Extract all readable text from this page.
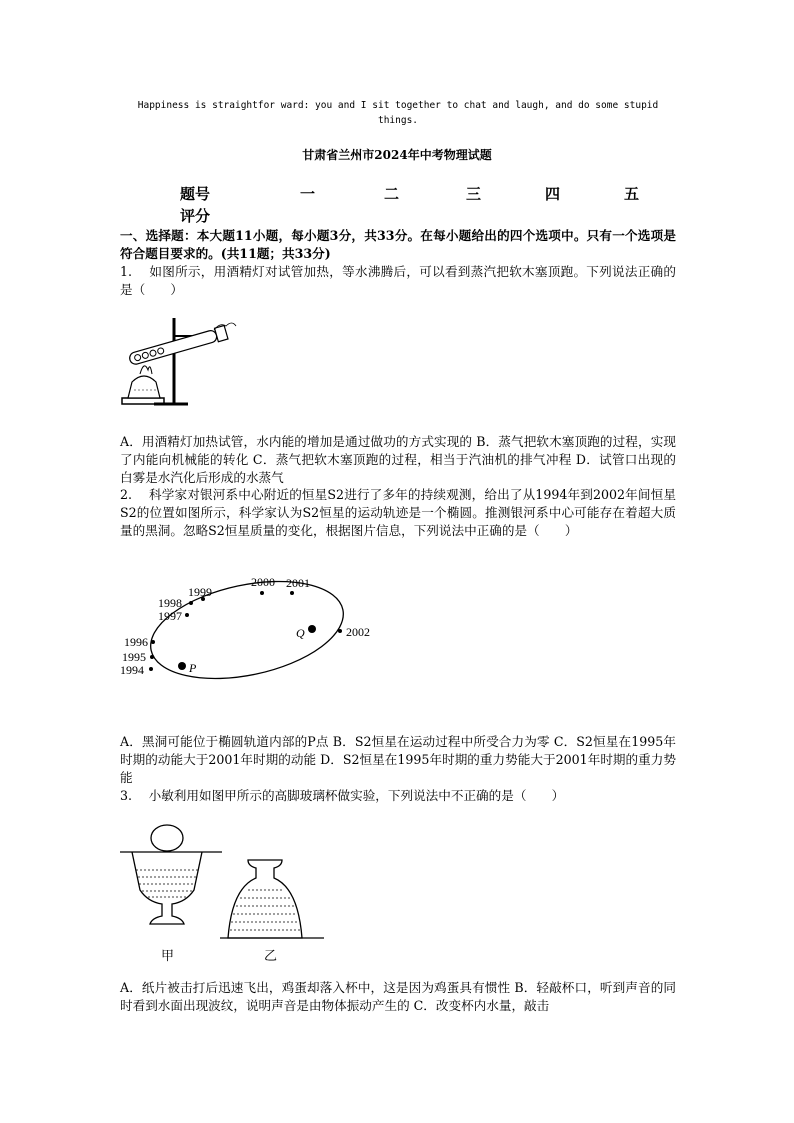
Happiness is straightfor ward: you and I sit together to chat and laugh, and do some stupid things.
甘肃省兰州市2024年中考物理试题
题号	一	二	三	四	五
评分
一、选择题：本大题11小题，每小题3分，共33分。在每小题给出的四个选项中。只有一个选项是符合题目要求的。(共11题；共33分)
1.　 如图所示，用酒精灯对试管加热，等水沸腾后，可以看到蒸汽把软木塞顶跑。下列说法正确的是（　　）
A．用酒精灯加热试管，水内能的增加是通过做功的方式实现的 B．蒸气把软木塞顶跑的过程，实现了内能向机械能的转化 C．蒸气把软木塞顶跑的过程，相当于汽油机的排气冲程 D．试管口出现的白雾是水汽化后形成的水蒸气
2.　 科学家对银河系中心附近的恒星S2进行了多年的持续观测，给出了从1994年到2002年间恒星S2的位置如图所示，科学家认为S2恒星的运动轨迹是一个椭圆。推测银河系中心可能存在着超大质量的黑洞。忽略S2恒星质量的变化，根据图片信息，下列说法中正确的是（　　）
1999
1998
1997
1996
1995
1994
2000 2001
2002
Q
P
A．黑洞可能位于椭圆轨道内部的P点 B．S2恒星在运动过程中所受合力为零 C．S2恒星在1995年时期的动能大于2001年时期的动能 D．S2恒星在1995年时期的重力势能大于2001年时期的重力势能
3.　 小敏利用如图甲所示的高脚玻璃杯做实验，下列说法中不正确的是（　　）
甲	乙
A．纸片被击打后迅速飞出，鸡蛋却落入杯中，这是因为鸡蛋具有惯性 B．轻敲杯口，听到声音的同时看到水面出现波纹，说明声音是由物体振动产生的 C．改变杯内水量，敲击
